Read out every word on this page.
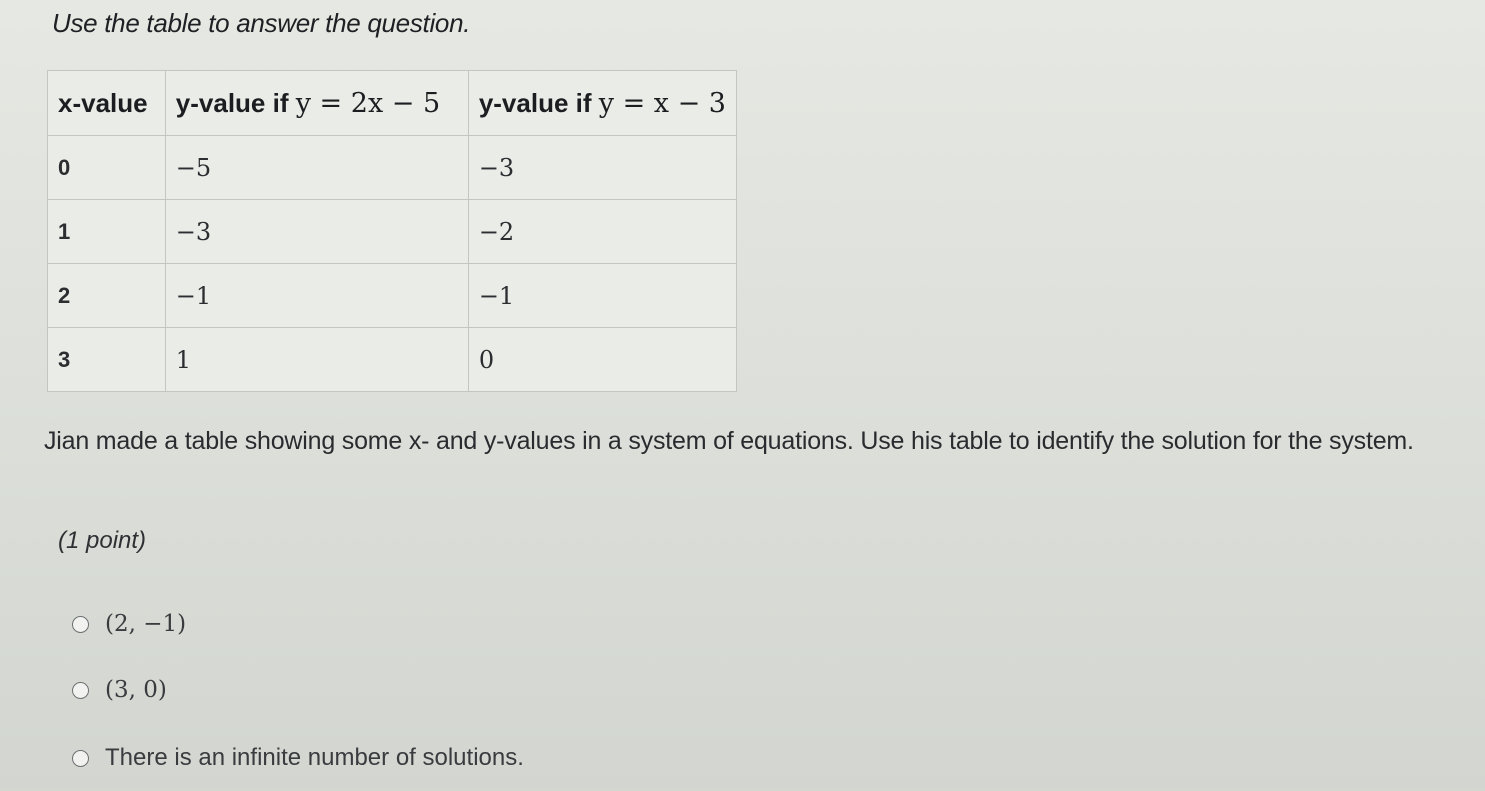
Use the table to answer the question.
x-value	y-value if y = 2x − 5	y-value if y = x − 3
0	−5	−3
1	−3	−2
2	−1	−1
3	1	0
Jian made a table showing some x- and y-values in a system of equations. Use his table to identify the solution for the system.
(1 point)
(2, −1)
(3, 0)
There is an infinite number of solutions.
